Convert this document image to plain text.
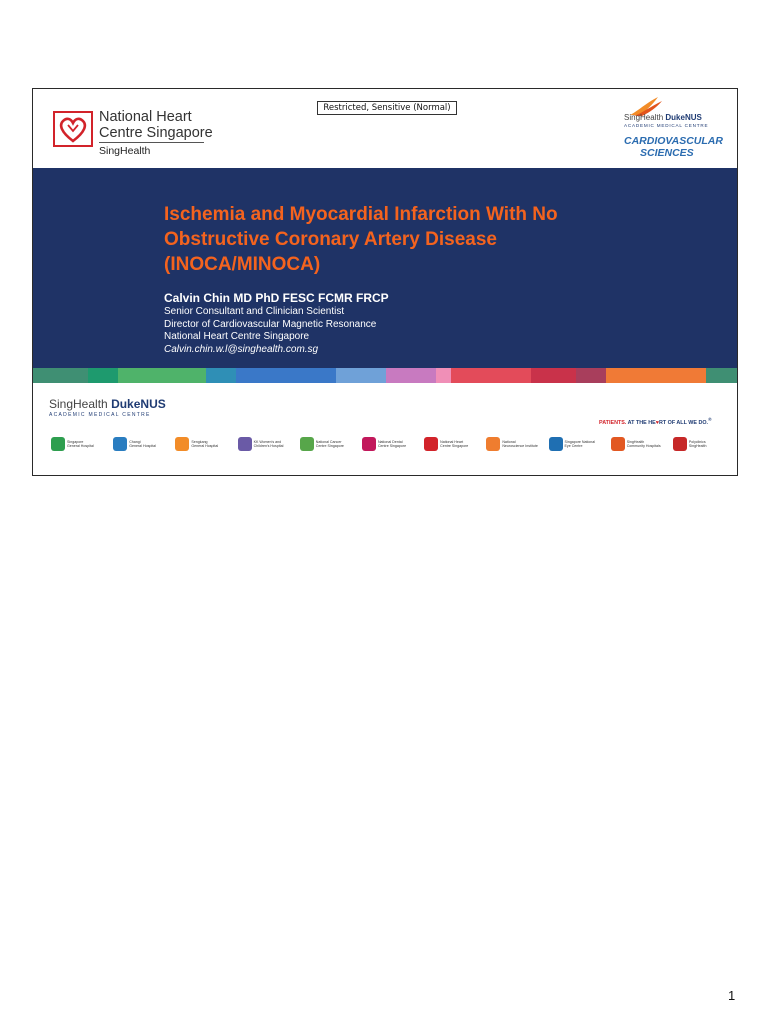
National Heart
Centre Singapore
SingHealth
Restricted, Sensitive (Normal)
SingHealth DukeNUS
ACADEMIC MEDICAL CENTRE
CARDIOVASCULAR
SCIENCES
Ischemia and Myocardial Infarction With No
Obstructive Coronary Artery Disease
(INOCA/MINOCA)
Calvin Chin MD PhD FESC FCMR FRCP
Senior Consultant and Clinician Scientist
Director of Cardiovascular Magnetic Resonance
National Heart Centre Singapore
Calvin.chin.w.l@singhealth.com.sg
SingHealth DukeNUS
ACADEMIC MEDICAL CENTRE
PATIENTS. AT THE HE♥RT OF ALL WE DO.®
Singapore
General Hospital
Changi
General Hospital
Sengkang
General Hospital
KK Women's and
Children's Hospital
National Cancer
Centre Singapore
National Dental
Centre Singapore
National Heart
Centre Singapore
National
Neuroscience Institute
Singapore National
Eye Centre
SingHealth
Community Hospitals
Polyclinics
SingHealth
1
